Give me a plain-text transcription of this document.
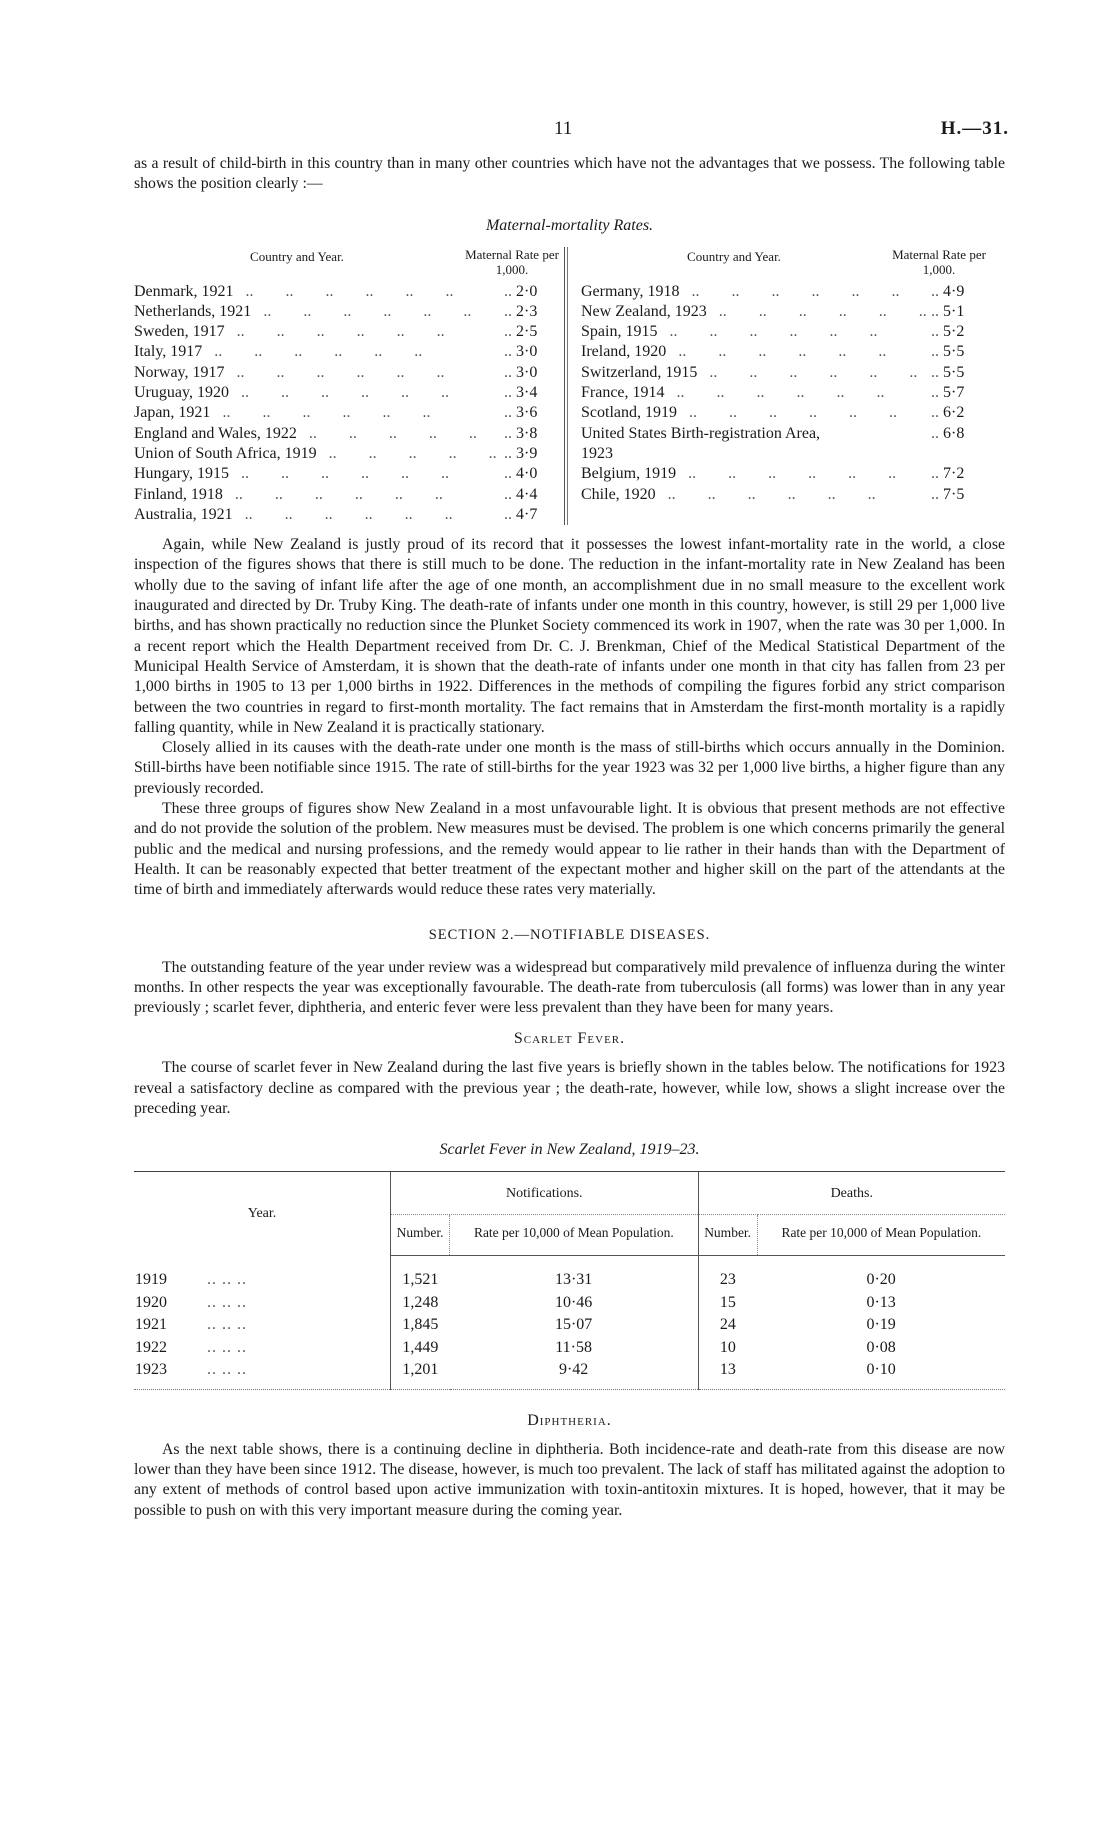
11	H.—31.

as a result of child-birth in this country than in many other countries which have not the advantages that we possess. The following table shows the position clearly :—

Maternal-mortality Rates.
Country and Year.	Maternal Rate per 1,000.
Denmark, 1921 ..	.. 2·0
Netherlands, 1921 ..	.. 2·3
Sweden, 1917 ..	.. 2·5
Italy, 1917 ..	.. 3·0
Norway, 1917 ..	.. 3·0
Uruguay, 1920 ..	.. 3·4
Japan, 1921 ..	.. 3·6
England and Wales, 1922 ..	.. 3·8
Union of South Africa, 1919 ..	.. 3·9
Hungary, 1915 ..	.. 4·0
Finland, 1918 ..	.. 4·4
Australia, 1921 ..	.. 4·7
Country and Year.	Maternal Rate per 1,000.
Germany, 1918 ..	.. 4·9
New Zealand, 1923 ..	.. 5·1
Spain, 1915 ..	.. 5·2
Ireland, 1920 ..	.. 5·5
Switzerland, 1915 ..	.. 5·5
France, 1914 ..	.. 5·7
Scotland, 1919 ..	.. 6·2
United States Birth-registration Area,	.. 6·8
1923
Belgium, 1919 ..	.. 7·2
Chile, 1920 ..	.. 7·5

Again, while New Zealand is justly proud of its record that it possesses the lowest infant-mortality rate in the world, a close inspection of the figures shows that there is still much to be done. The reduction in the infant-mortality rate in New Zealand has been wholly due to the saving of infant life after the age of one month, an accomplishment due in no small measure to the excellent work inaugurated and directed by Dr. Truby King. The death-rate of infants under one month in this country, however, is still 29 per 1,000 live births, and has shown practically no reduction since the Plunket Society commenced its work in 1907, when the rate was 30 per 1,000. In a recent report which the Health Department received from Dr. C. J. Brenkman, Chief of the Medical Statistical Department of the Municipal Health Service of Amsterdam, it is shown that the death-rate of infants under one month in that city has fallen from 23 per 1,000 births in 1905 to 13 per 1,000 births in 1922. Differences in the methods of compiling the figures forbid any strict comparison between the two countries in regard to first-month mortality. The fact remains that in Amsterdam the first-month mortality is a rapidly falling quantity, while in New Zealand it is practically stationary.

Closely allied in its causes with the death-rate under one month is the mass of still-births which occurs annually in the Dominion. Still-births have been notifiable since 1915. The rate of still-births for the year 1923 was 32 per 1,000 live births, a higher figure than any previously recorded.

These three groups of figures show New Zealand in a most unfavourable light. It is obvious that present methods are not effective and do not provide the solution of the problem. New measures must be devised. The problem is one which concerns primarily the general public and the medical and nursing professions, and the remedy would appear to lie rather in their hands than with the Department of Health. It can be reasonably expected that better treatment of the expectant mother and higher skill on the part of the attendants at the time of birth and immediately afterwards would reduce these rates very materially.

SECTION 2.—NOTIFIABLE DISEASES.

The outstanding feature of the year under review was a widespread but comparatively mild prevalence of influenza during the winter months. In other respects the year was exceptionally favourable. The death-rate from tuberculosis (all forms) was lower than in any year previously ; scarlet fever, diphtheria, and enteric fever were less prevalent than they have been for many years.

Scarlet Fever.

The course of scarlet fever in New Zealand during the last five years is briefly shown in the tables below. The notifications for 1923 reveal a satisfactory decline as compared with the previous year ; the death-rate, however, while low, shows a slight increase over the preceding year.

Scarlet Fever in New Zealand, 1919–23.
Year.	Notifications.		Deaths.	
	Number.	Rate per 10,000 of Mean Population.	Number.	Rate per 10,000 of Mean Population.
1919 .. .. ..	1,521	13·31	23	0·20
1920 .. .. ..	1,248	10·46	15	0·13
1921 .. .. ..	1,845	15·07	24	0·19
1922 .. .. ..	1,449	11·58	10	0·08
1923 .. .. ..	1,201	9·42	13	0·10
Diphtheria.

As the next table shows, there is a continuing decline in diphtheria. Both incidence-rate and death-rate from this disease are now lower than they have been since 1912. The disease, however, is much too prevalent. The lack of staff has militated against the adoption to any extent of methods of control based upon active immunization with toxin-antitoxin mixtures. It is hoped, however, that it may be possible to push on with this very important measure during the coming year.
